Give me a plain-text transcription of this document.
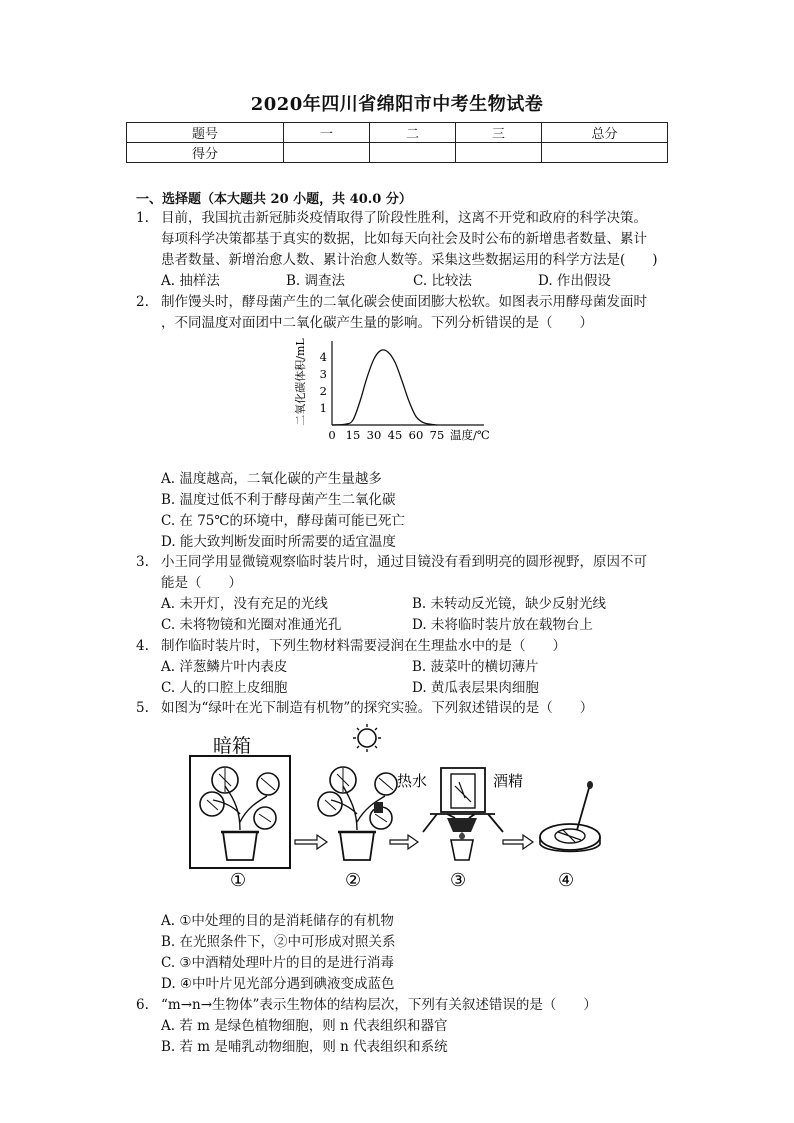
2020年四川省绵阳市中考生物试卷
题号	一	二	三	总分
得分				
一、选择题（本大题共 20 小题，共 40.0 分）
1. 目前，我国抗击新冠肺炎疫情取得了阶段性胜利，这离不开党和政府的科学决策。
每项科学决策都基于真实的数据，比如每天向社会及时公布的新增患者数量、累计
患者数量、新增治愈人数、累计治愈人数等。采集这些数据运用的科学方法是(　　)
A. 抽样法	B. 调查法	C. 比较法	D. 作出假设
2. 制作馒头时，酵母菌产生的二氧化碳会使面团膨大松软。如图表示用酵母菌发面时
，不同温度对面团中二氧化碳产生量的影响。下列分析错误的是（　　）
0 15 30 45 60 75
1
2
3
4
二氧化碳体积/mL
温度/℃
A. 温度越高，二氧化碳的产生量越多
B. 温度过低不利于酵母菌产生二氧化碳
C. 在 75℃的环境中，酵母菌可能已死亡
D. 能大致判断发面时所需要的适宜温度
3. 小王同学用显微镜观察临时装片时，通过目镜没有看到明亮的圆形视野，原因不可
能是（　　）
A. 未开灯，没有充足的光线	B. 未转动反光镜，缺少反射光线
C. 未将物镜和光圈对准通光孔	D. 未将临时装片放在载物台上
4. 制作临时装片时，下列生物材料需要浸润在生理盐水中的是（　　）
A. 洋葱鳞片叶内表皮	B. 菠菜叶的横切薄片
C. 人的口腔上皮细胞	D. 黄瓜表层果肉细胞
5. 如图为“绿叶在光下制造有机物”的探究实验。下列叙述错误的是（　　）
暗箱
①	②
热水	酒精
③	④
A. ①中处理的目的是消耗储存的有机物
B. 在光照条件下，②中可形成对照关系
C. ③中酒精处理叶片的目的是进行消毒
D. ④中叶片见光部分遇到碘液变成蓝色
6. “m→n→生物体”表示生物体的结构层次，下列有关叙述错误的是（　　）
A. 若 m 是绿色植物细胞，则 n 代表组织和器官
B. 若 m 是哺乳动物细胞，则 n 代表组织和系统
